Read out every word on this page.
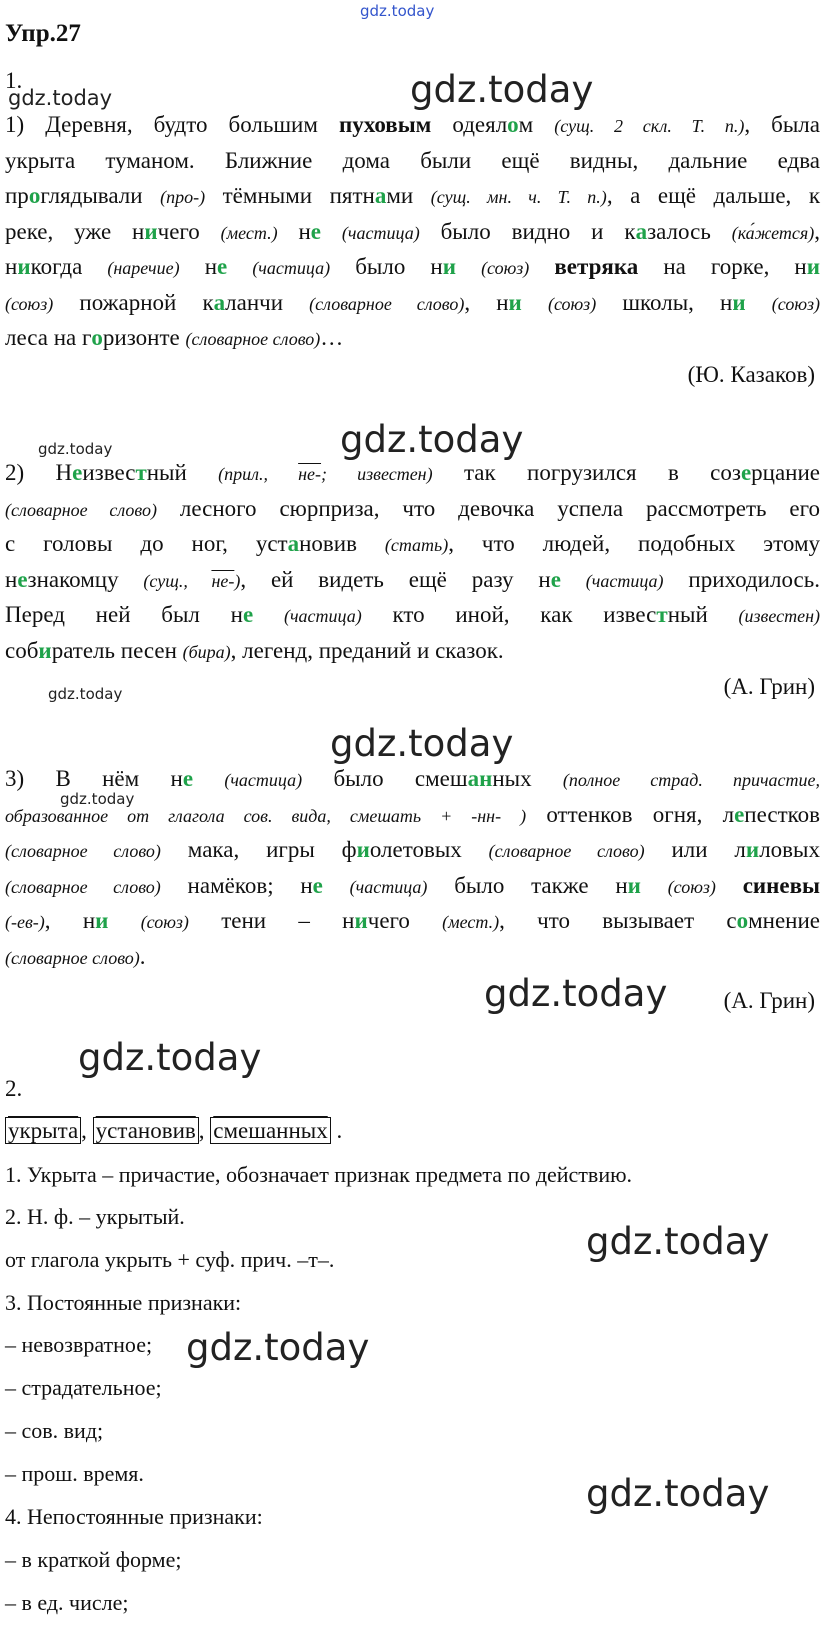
gdz.today
gdz.today	gdz.today
gdz.today	gdz.today
gdz.today
gdz.today
gdz.today
gdz.today
gdz.today
gdz.today
gdz.today
gdz.today
Упр.27
1.
1) Деревня, будто большим пуховым одеялом (сущ. 2 скл. Т. п.), была
укрыта туманом. Ближние дома были ещё видны, дальние едва
проглядывали (про-) тёмными пятнами (сущ. мн. ч. Т. п.), а ещё дальше, к
реке, уже ничего (мест.) не (частица) было видно и казалось (ка́жется),
никогда (наречие) не (частица) было ни (союз) ветряка на горке, ни
(союз) пожарной каланчи (словарное слово), ни (союз) школы, ни (союз)
леса на горизонте (словарное слово)…
(Ю. Казаков)
2) Неизвестный (прил., не-; известен) так погрузился в созерцание
(словарное слово) лесного сюрприза, что девочка успела рассмотреть его
с головы до ног, установив (стать), что людей, подобных этому
незнакомцу (сущ., не-), ей видеть ещё разу не (частица) приходилось.
Перед ней был не (частица) кто иной, как известный (известен)
собиратель песен (бира), легенд, преданий и сказок.
(А. Грин)
3) В нём не (частица) было смешанных (полное страд. причастие,
образованное от глагола сов. вида, смешать + -нн- ) оттенков огня, лепестков
(словарное слово) мака, игры фиолетовых (словарное слово) или лиловых
(словарное слово) намёков; не (частица) было также ни (союз) синевы
(-ев-), ни (союз) тени – ничего (мест.), что вызывает сомнение
(словарное слово).
(А. Грин)
2.
укрыта , установив , смешанных .
1. Укрыта – причастие, обозначает признак предмета по действию.
2. Н. ф. – укрытый.
от глагола укрыть + суф. прич. –т–.
3. Постоянные признаки:
– невозвратное;
– страдательное;
– сов. вид;
– прош. время.
4. Непостоянные признаки:
– в краткой форме;
– в ед. числе;
